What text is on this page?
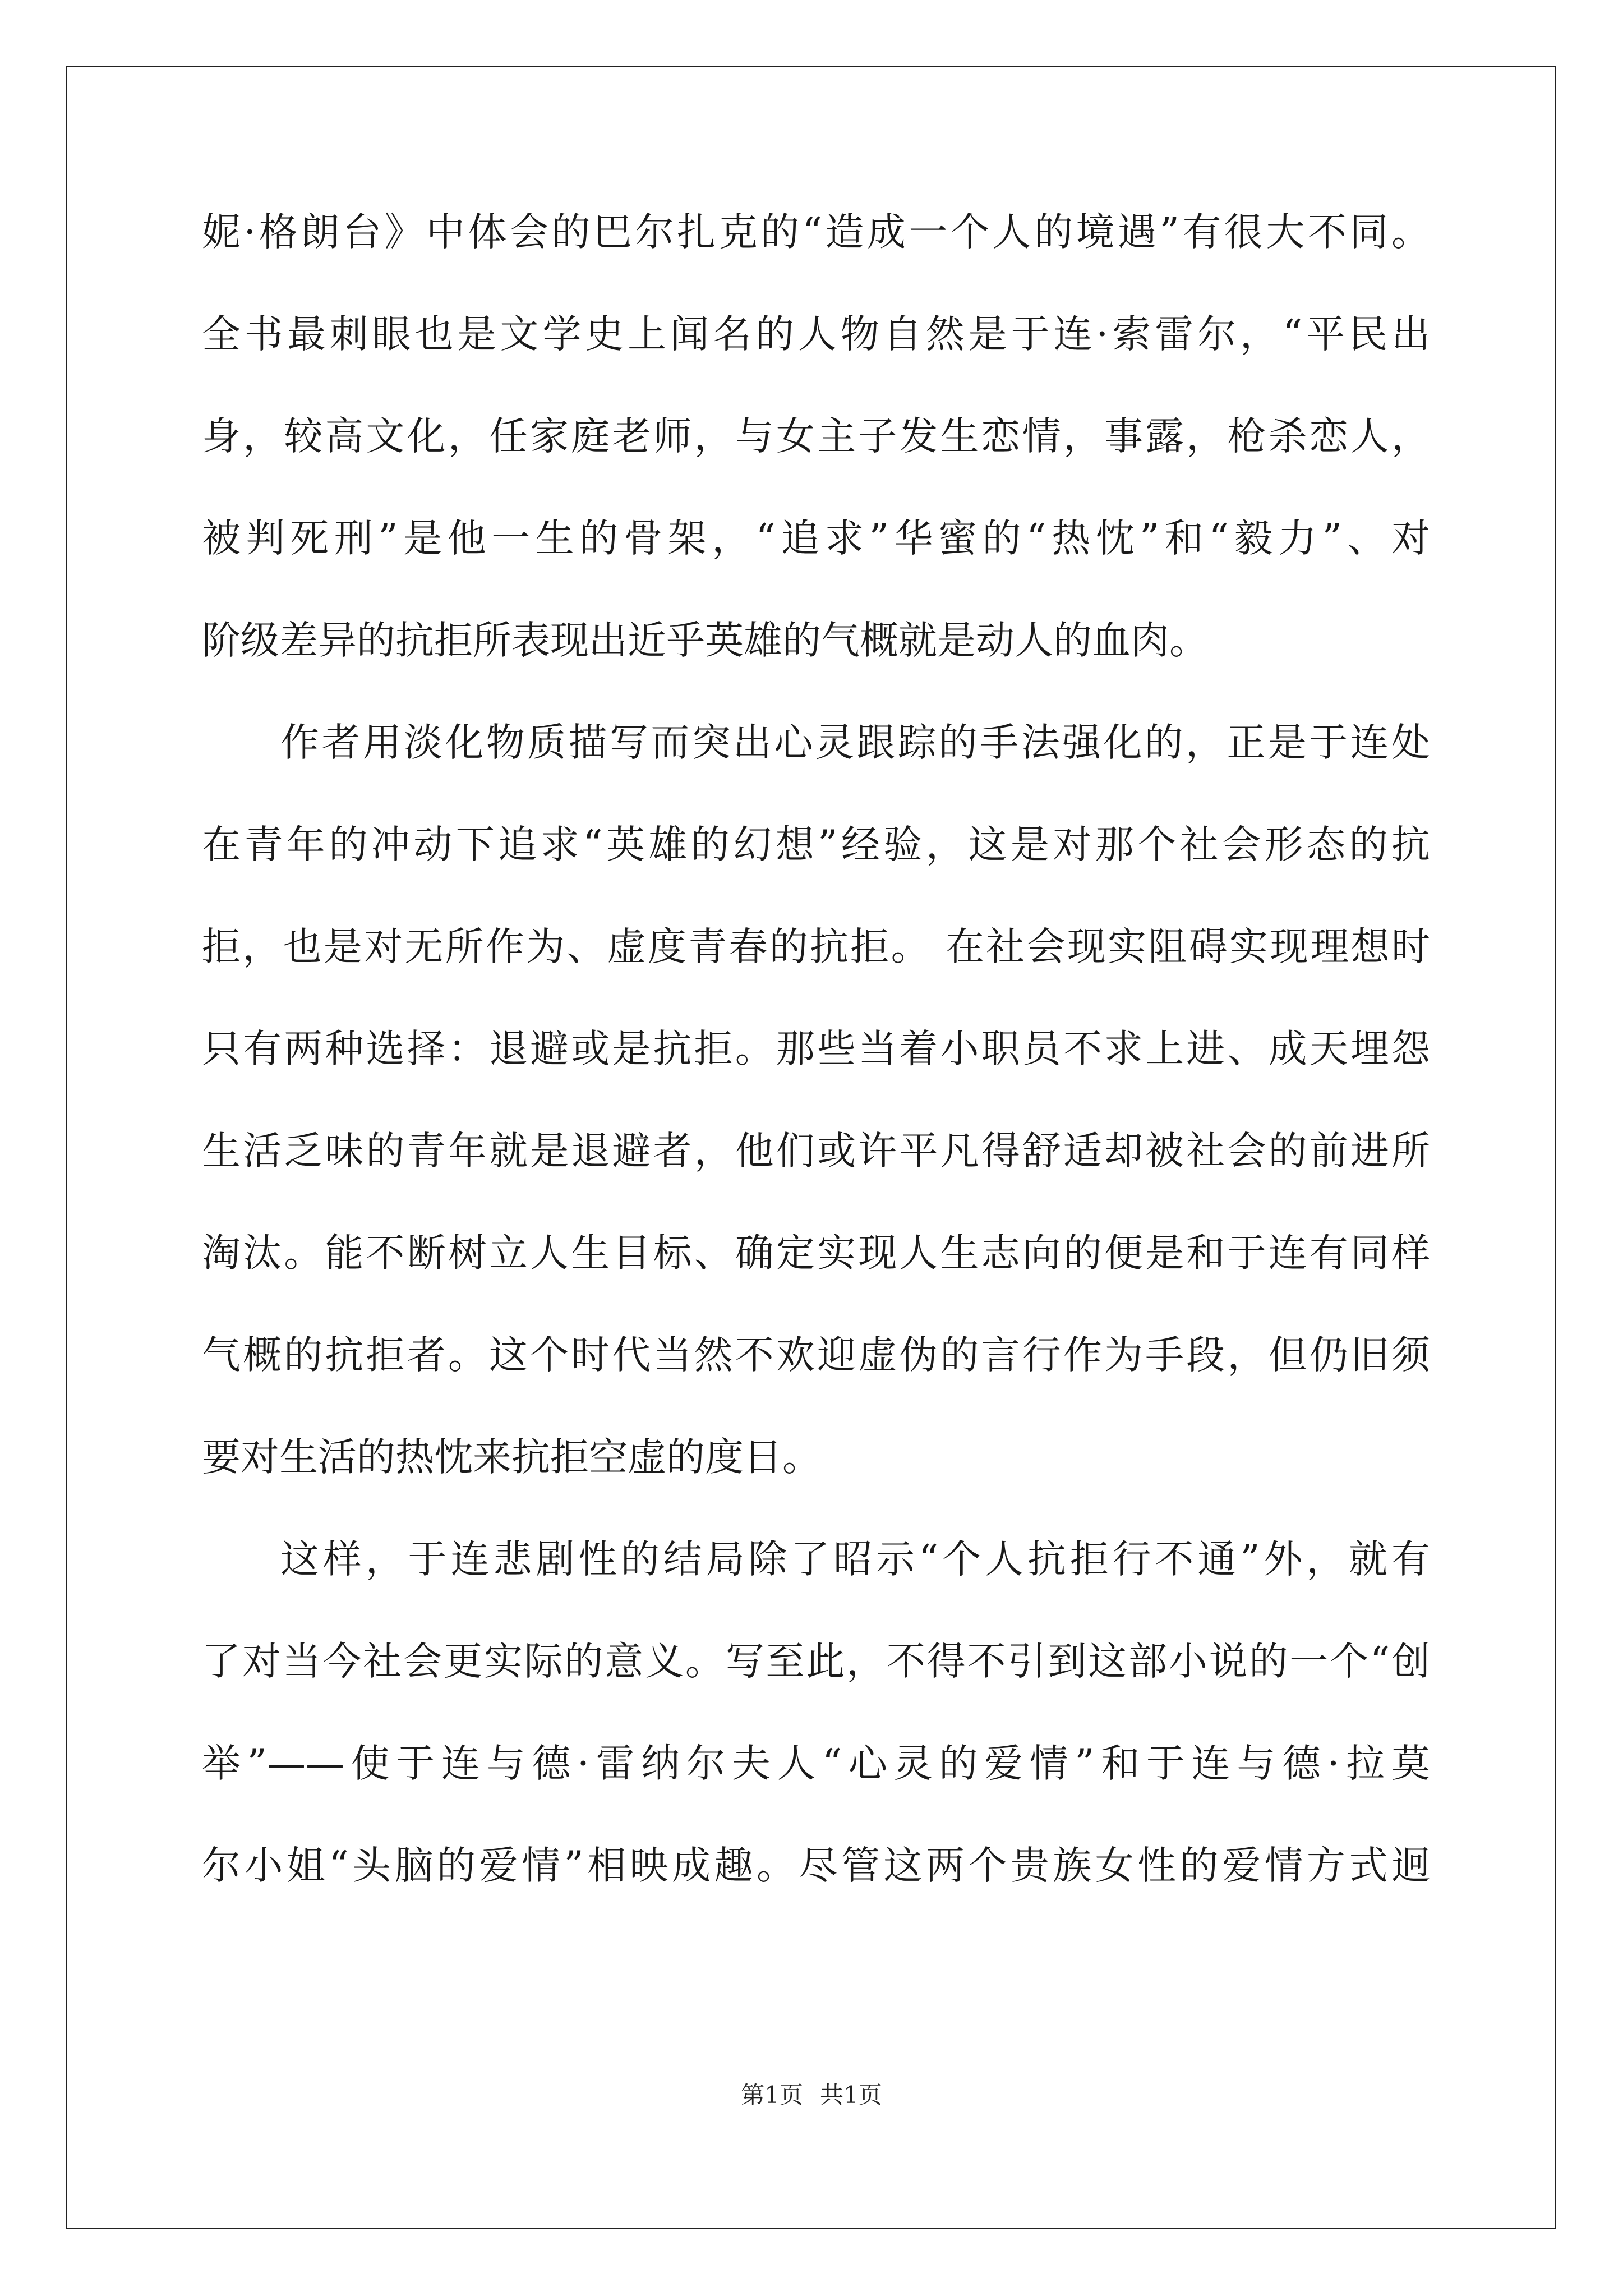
妮·格朗台》中体会的巴尔扎克的“造成一个人的境遇”有很大不同。
全书最刺眼也是文学史上闻名的人物自然是于连·索雷尔，“平民出
身，较高文化，任家庭老师，与女主子发生恋情，事露，枪杀恋人，
被判死刑”是他一生的骨架，“追求”华蜜的“热忱”和“毅力”、对
阶级差异的抗拒所表现出近乎英雄的气概就是动人的血肉。
作者用淡化物质描写而突出心灵跟踪的手法强化的，正是于连处
在青年的冲动下追求“英雄的幻想”经验，这是对那个社会形态的抗
拒，也是对无所作为、虚度青春的抗拒。 在社会现实阻碍实现理想时
只有两种选择：退避或是抗拒。那些当着小职员不求上进、成天埋怨
生活乏味的青年就是退避者，他们或许平凡得舒适却被社会的前进所
淘汰。能不断树立人生目标、确定实现人生志向的便是和于连有同样
气概的抗拒者。这个时代当然不欢迎虚伪的言行作为手段，但仍旧须
要对生活的热忱来抗拒空虚的度日。
这样，于连悲剧性的结局除了昭示“个人抗拒行不通”外，就有
了对当今社会更实际的意义。写至此，不得不引到这部小说的一个“创
举”——使于连与德·雷纳尔夫人“心灵的爱情”和于连与德·拉莫
尔小姐“头脑的爱情”相映成趣。尽管这两个贵族女性的爱情方式迥
第1页 共1页
